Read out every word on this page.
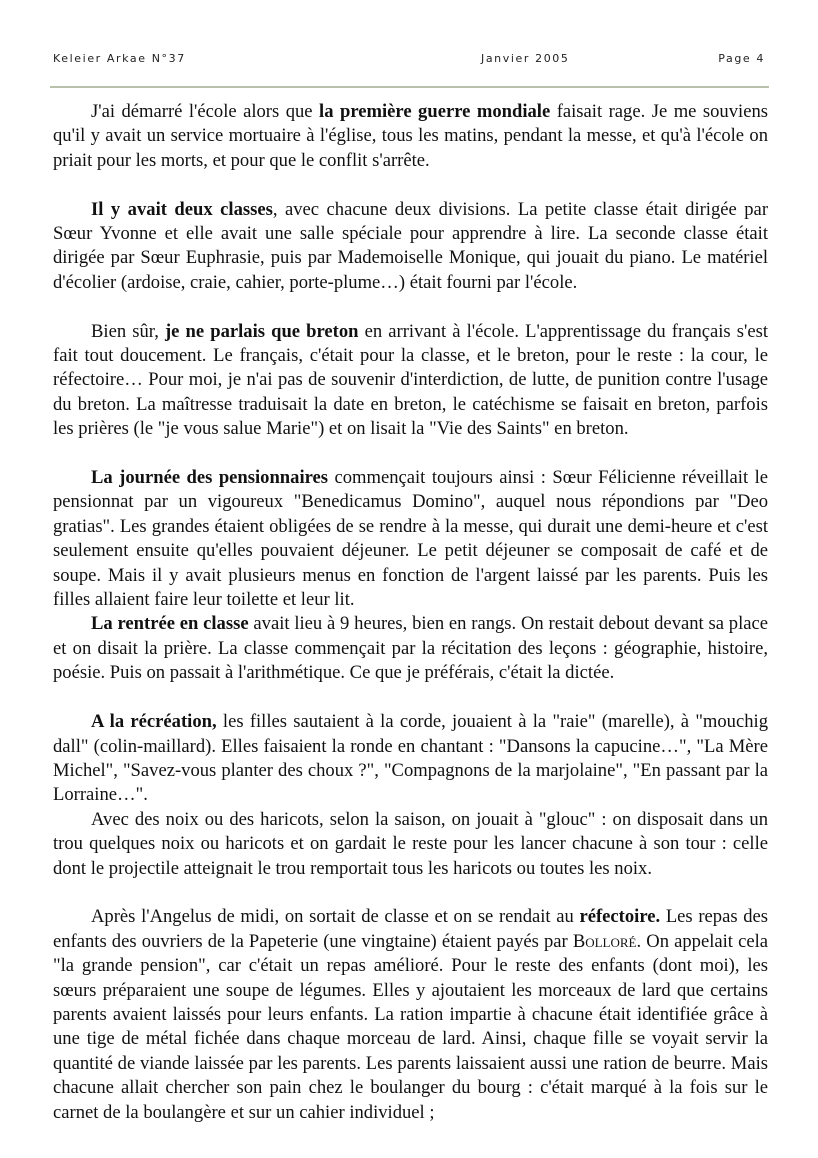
Keleier Arkae N°37	Janvier 2005	Page 4

J'ai démarré l'école alors que la première guerre mondiale faisait rage. Je me souviens qu'il y avait un service mortuaire à l'église, tous les matins, pendant la messe, et qu'à l'école on priait pour les morts, et pour que le conflit s'arrête.

Il y avait deux classes, avec chacune deux divisions. La petite classe était dirigée par Sœur Yvonne et elle avait une salle spéciale pour apprendre à lire. La seconde classe était dirigée par Sœur Euphrasie, puis par Mademoiselle Monique, qui jouait du piano. Le matériel d'écolier (ardoise, craie, cahier, porte-plume…) était fourni par l'école.

Bien sûr, je ne parlais que breton en arrivant à l'école. L'apprentissage du français s'est fait tout doucement. Le français, c'était pour la classe, et le breton, pour le reste : la cour, le réfectoire… Pour moi, je n'ai pas de souvenir d'interdiction, de lutte, de punition contre l'usage du breton. La maîtresse traduisait la date en breton, le catéchisme se faisait en breton, parfois les prières (le "je vous salue Marie") et on lisait la "Vie des Saints" en breton.

La journée des pensionnaires commençait toujours ainsi : Sœur Félicienne réveillait le pensionnat par un vigoureux "Benedicamus Domino", auquel nous répondions par "Deo gratias". Les grandes étaient obligées de se rendre à la messe, qui durait une demi-heure et c'est seulement ensuite qu'elles pouvaient déjeuner. Le petit déjeuner se composait de café et de soupe. Mais il y avait plusieurs menus en fonction de l'argent laissé par les parents. Puis les filles allaient faire leur toilette et leur lit.

La rentrée en classe avait lieu à 9 heures, bien en rangs. On restait debout devant sa place et on disait la prière. La classe commençait par la récitation des leçons : géographie, histoire, poésie. Puis on passait à l'arithmétique. Ce que je préférais, c'était la dictée.

A la récréation, les filles sautaient à la corde, jouaient à la "raie" (marelle), à "mouchig dall" (colin-maillard). Elles faisaient la ronde en chantant : "Dansons la capucine…", "La Mère Michel", "Savez-vous planter des choux ?", "Compagnons de la marjolaine", "En passant par la Lorraine…".

Avec des noix ou des haricots, selon la saison, on jouait à "glouc" : on disposait dans un trou quelques noix ou haricots et on gardait le reste pour les lancer chacune à son tour : celle dont le projectile atteignait le trou remportait tous les haricots ou toutes les noix.

Après l'Angelus de midi, on sortait de classe et on se rendait au réfectoire. Les repas des enfants des ouvriers de la Papeterie (une vingtaine) étaient payés par Bolloré. On appelait cela "la grande pension", car c'était un repas amélioré. Pour le reste des enfants (dont moi), les sœurs préparaient une soupe de légumes. Elles y ajoutaient les morceaux de lard que certains parents avaient laissés pour leurs enfants. La ration impartie à chacune était identifiée grâce à une tige de métal fichée dans chaque morceau de lard. Ainsi, chaque fille se voyait servir la quantité de viande laissée par les parents. Les parents laissaient aussi une ration de beurre. Mais chacune allait chercher son pain chez le boulanger du bourg : c'était marqué à la fois sur le carnet de la boulangère et sur un cahier individuel ;
